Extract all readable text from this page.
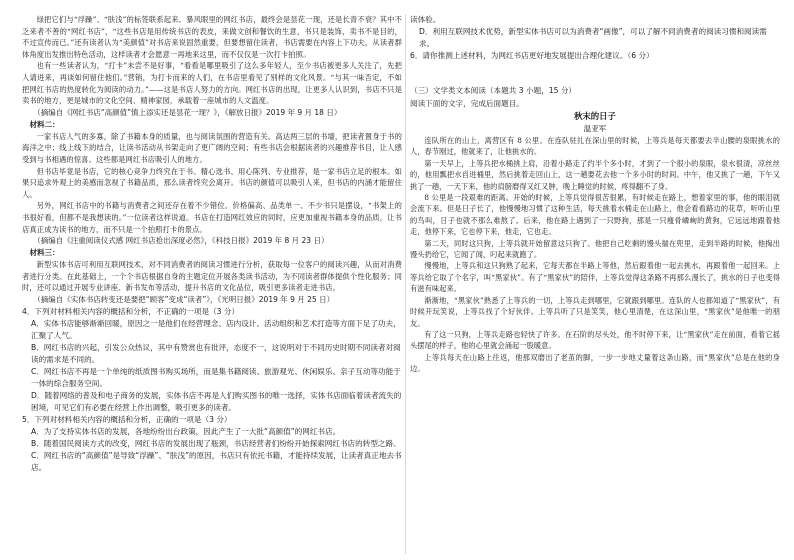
绿把它们与“浮躁”、“肤浅”的标签联系起来。暴风眼里的网红书店，最终会是昙花一现，还是长青不衰？其中不乏来者不善的“网红书店”，“这些书店是用传统书店的表皮，来做文创和餐饮的生意，书只是装饰，卖书不是目的，不过宣传而已。”还有读者认为“美颜值”对书店来说固然重要，但要想留住读者，书店需要在内容上下功夫，从读者群体角度出发推出特色活动，这样读者才会愿意一再地来这里，而不仅仅是一次打卡拍照。

也有一些读者认为，“打卡”未尝不是好事，“看看是哪里吸引了这么多年轻人，至少书店被更多人关注了，先把人请进来，再谈如何留住他们。”营销，为打卡而来的人们，在书店里看见了别样的文化风景。“与其一味否定，不如把网红书店的热度转化为阅读的动力。”——这是书店人努力的方向。网红书店的出现，让更多人认识到，书店不只是卖书的地方，更是城市的文化空间、精神家园，承载着一座城市的人文温度。

（摘编自《网红书店“高颜值”慎上添实还是昙花一现？》，《解放日报》2019 年 9 月 18 日）

材料二：

一家书店人气的多寡，除了书籍本身的质量，也与阅读氛围的营造有关。高达两三层的书墙，把读者置身于书的海洋之中；线上线下的结合，让读书活动从书架走向了更广阔的空间；有些书店会根据读者的兴趣推荐书目，让人感受到与书相遇的惊喜。这些都是网红书店吸引人的地方。

但书店毕竟是书店，它的核心竞争力终究在于书。精心选书、用心陈列、专业推荐，是一家书店立足的根本。如果只追求外观上的美感而忽视了书籍品质，那么读者终究会离开。书店的颜值可以吸引人来，但书店的内涵才能留住人。

另外，网红书店中的书籍与消费者之间还存在着不少错位。价格偏高、品类单一、不少书只是摆设，“书架上的书很好看，但都不是我想读的。”一位读者这样说道。书店在打造网红效应的同时，应更加重视书籍本身的品质，让书店真正成为读书的地方，而不只是一个拍照打卡的景点。

（摘编自《注重阅读仪式感 网红书店抢出深度必然》，《科技日报》2019 年 8 月 23 日）

材料三：

新型实体书店可利用互联网技术，对不同消费者的阅读习惯进行分析，获取每一位客户的阅读兴趣，从而对消费者进行分类。在此基础上，一个个书店根据自身的主题定位开展各类读书活动，为不同读者群体提供个性化服务；同时，还可以通过开展专业讲座、新书发布等活动，提升书店的文化品位，吸引更多读者走进书店。

（摘编自《实体书店转变还是要把“顾客”变成“读者”》，《光明日报》2019 年 9 月 25 日）

4．下列对材料相关内容的概括和分析，不正确的一项是（3 分）

A．实体书店能够渐渐回暖，原因之一是他们在经营理念、店内设计、活动组织和艺术打造等方面下足了功夫，汇聚了人气。

B．网红书店的兴起，引发公众热议，其中有赞赏也有批评，态度不一，这说明对于不同历史时期不同读者对阅读的需求是不同的。

C．网红书店不再是一个单纯的纸质图书购买场所，而是集书籍阅读、旅游观光、休闲娱乐、亲子互动等功能于一体的综合服务空间。

D．随着网络的普及和电子商务的发展，实体书店不再是人们购买图书的唯一选择，实体书店面临着读者流失的困境，可见它们有必要在经营上作出调整，吸引更多的读者。

5．下列对材料相关内容的概括和分析，正确的一项是（3 分）

A．为了支持实体书店的发展，各地纷纷出台政策，因此产生了一大批“高颜值”的网红书店。

B．随着国民阅读方式的改变，网红书店的发展出现了瓶颈，书店经营者们纷纷开始探索网红书店的转型之路。

C．网红书店的“高颜值”是导致“浮躁”、“肤浅”的原因，书店只有依托书籍，才能持续发展，让读者真正地去书店。

读体验。

D．利用互联网技术优势，新型实体书店可以为消费者“画像”，可以了解不同消费者的阅读习惯和阅读需求。

6．请你推测上述材料，为网红书店更好地发展提出合理化建议。（6 分）

（三）文学类文本阅读（本题共 3 小题，15 分）

阅读下面的文字，完成后面题目。

秋末的日子

温亚军

连队所在的山上，离营区有 8 公里。在连队驻扎在深山里的时候，上等兵是每天都要去半山腰的泉眼挑水的人，春节刚过，他就来了，让他挑水的。

第一天早上，上等兵把水桶挑上肩，沿着小路走了约半个多小时，才到了一个很小的泉眼，泉水很清，凉丝丝的，他用瓢把水舀进桶里，然后挑着走回山上，这一趟要花去他一个多小时的时间。中午，他又挑了一趟，下午又挑了一趟，一天下来，他的肩膀磨得又红又肿，晚上睡觉的时候，疼得翻不了身。

8 公里是一段艰难的距离。开始的时候，上等兵觉得很苦很累，有时候走在路上，想着家里的事，他的眼泪就会流下来。但是日子长了，他慢慢地习惯了这种生活，每天挑着水桶走在山路上，他会看看路边的花草，听听山里的鸟叫，日子也就不那么难熬了。后来，他在路上遇到了一只野狗，那是一只瘦骨嶙峋的黄狗，它远远地跟着他走，他停下来，它也停下来，他走，它也走。

第二天，同时这只狗，上等兵就开始留意这只狗了。他把自己吃剩的馒头揣在兜里，走到半路的时候，他掏出馒头扔给它，它闻了闻，叼起来就跑了。

慢慢地，上等兵和这只狗熟了起来，它每天都在半路上等他，然后跟着他一起去挑水，再跟着他一起回来。上等兵给它取了个名字，叫“黑家伙”。有了“黑家伙”的陪伴，上等兵觉得这条路不再那么漫长了，挑水的日子也变得有滋有味起来。

渐渐地，“黑家伙”熟悉了上等兵的一切，上等兵走到哪里，它就跟到哪里。连队的人也都知道了“黑家伙”，有时候开玩笑说，上等兵找了个好伙伴。上等兵听了只是笑笑，他心里清楚，在这深山里，“黑家伙”是他唯一的朋友。

有了这一只狗，上等兵走路也轻快了许多。在石阶的尽头处，他不时停下来，让“黑家伙”走在前面，看着它摇头摆尾的样子，他的心里就会涌起一股暖意。

上等兵每天在山路上往返，他那双磨出了老茧的脚，一步一步地丈量着这条山路，而“黑家伙”总是在他的身边。
